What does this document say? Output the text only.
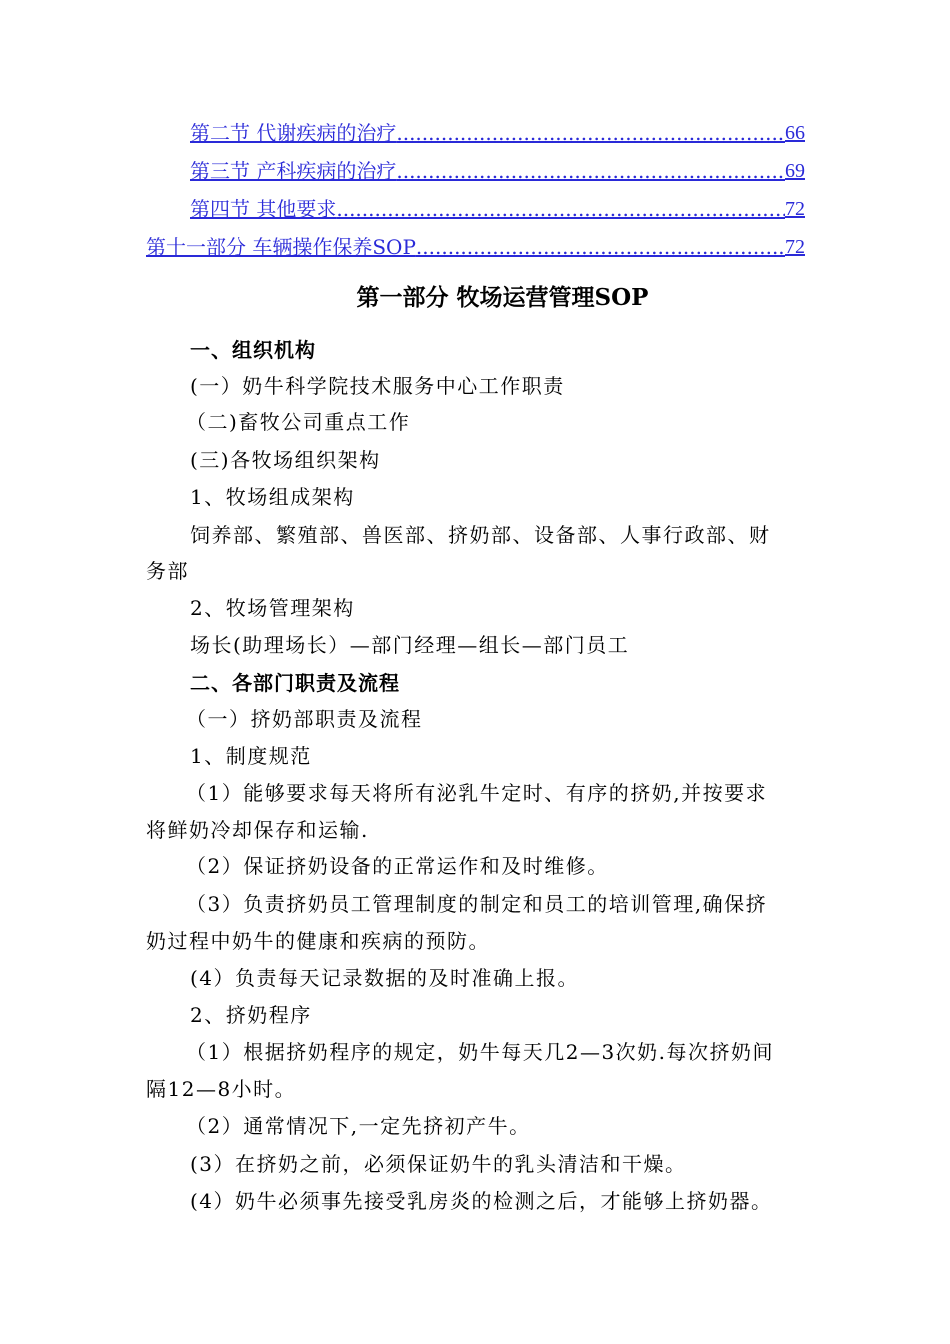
第二节 代谢疾病的治疗 .....	66
第三节 产科疾病的治疗 .....	69
第四节 其他要求 .....	72
第十一部分 车辆操作保养SOP .....	72
第一部分 牧场运营管理SOP
一、组织机构
(一）奶牛科学院技术服务中心工作职责
（二)畜牧公司重点工作
(三)各牧场组织架构
1、牧场组成架构
饲养部、繁殖部、兽医部、挤奶部、设备部、人事行政部、财
务部
2、牧场管理架构
场长(助理场长）—部门经理—组长—部门员工
二、各部门职责及流程
（一）挤奶部职责及流程
1、制度规范
（1）能够要求每天将所有泌乳牛定时、有序的挤奶,并按要求
将鲜奶冷却保存和运输.
（2）保证挤奶设备的正常运作和及时维修。
（3）负责挤奶员工管理制度的制定和员工的培训管理,确保挤
奶过程中奶牛的健康和疾病的预防。
(4）负责每天记录数据的及时准确上报。
2、挤奶程序
（1）根据挤奶程序的规定，奶牛每天几2—3次奶.每次挤奶间
隔12—8小时。
（2）通常情况下,一定先挤初产牛。
(3）在挤奶之前，必须保证奶牛的乳头清洁和干燥。
(4）奶牛必须事先接受乳房炎的检测之后，才能够上挤奶器。
